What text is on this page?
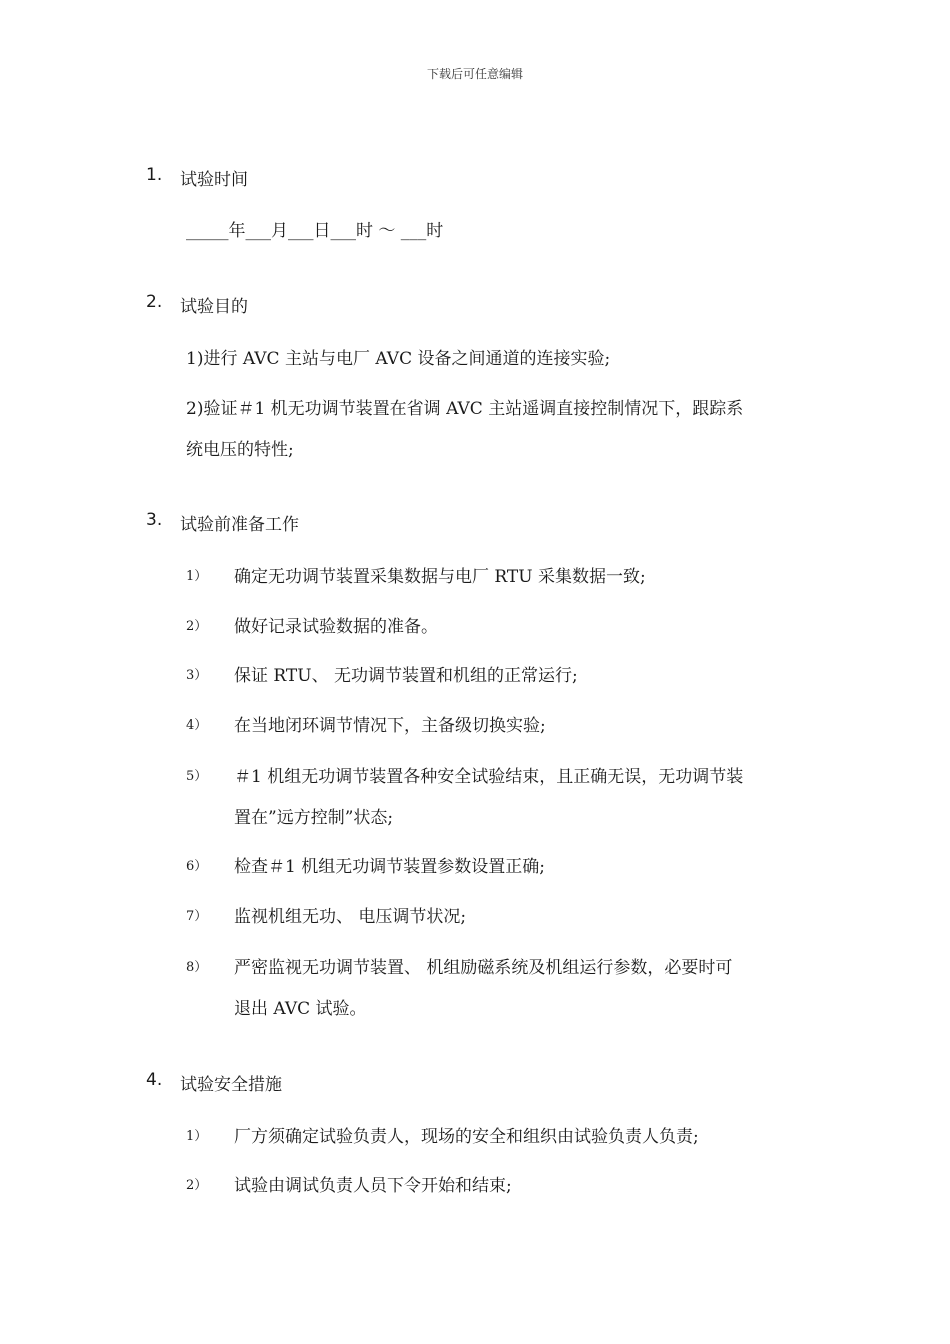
下载后可任意编辑
1. 试验时间
_____年___月___日___时 ～ ___时
2. 试验目的
1)进行 AVC 主站与电厂 AVC 设备之间通道的连接实验;
2)验证＃1 机无功调节装置在省调 AVC 主站遥调直接控制情况下，跟踪系
统电压的特性;
3. 试验前准备工作
1） 确定无功调节装置采集数据与电厂 RTU 采集数据一致;
2） 做好记录试验数据的准备。
3） 保证 RTU、 无功调节装置和机组的正常运行;
4） 在当地闭环调节情况下，主备级切换实验;
5） ＃1 机组无功调节装置各种安全试验结束，且正确无误，无功调节装
置在”远方控制”状态;
6） 检查＃1 机组无功调节装置参数设置正确;
7） 监视机组无功、 电压调节状况;
8） 严密监视无功调节装置、 机组励磁系统及机组运行参数，必要时可
退出 AVC 试验。
4. 试验安全措施
1） 厂方须确定试验负责人，现场的安全和组织由试验负责人负责;
2） 试验由调试负责人员下令开始和结束;
